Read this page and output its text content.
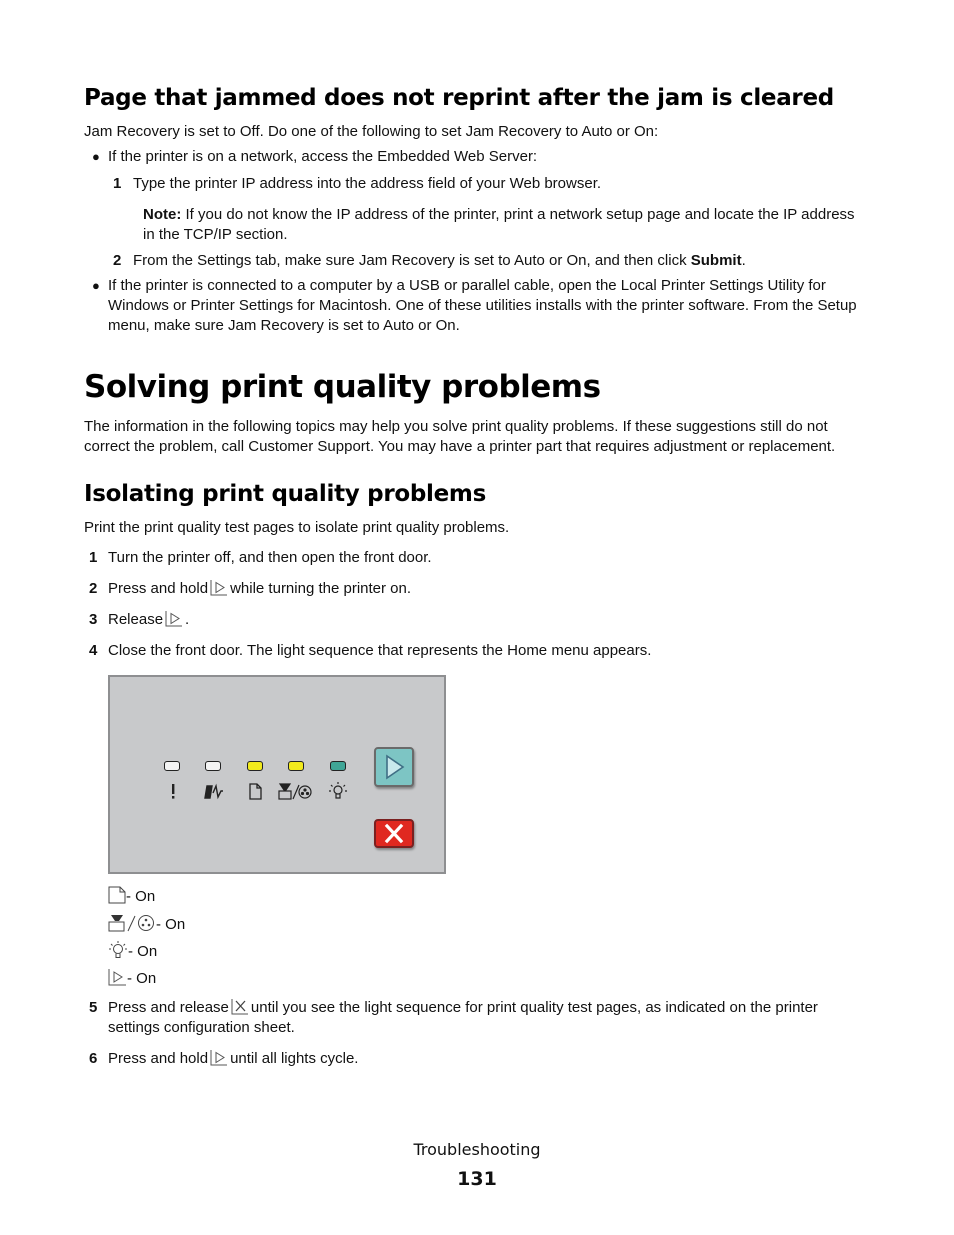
Page that jammed does not reprint after the jam is cleared
Jam Recovery is set to Off. Do one of the following to set Jam Recovery to Auto or On:
● If the printer is on a network, access the Embedded Web Server:
1 Type the printer IP address into the address field of your Web browser.
Note: If you do not know the IP address of the printer, print a network setup page and locate the IP address
in the TCP/IP section.
2 From the Settings tab, make sure Jam Recovery is set to Auto or On, and then click Submit.
● If the printer is connected to a computer by a USB or parallel cable, open the Local Printer Settings Utility for
Windows or Printer Settings for Macintosh. One of these utilities installs with the printer software. From the Setup
menu, make sure Jam Recovery is set to Auto or On.
Solving print quality problems
The information in the following topics may help you solve print quality problems. If these suggestions still do not
correct the problem, call Customer Support. You may have a printer part that requires adjustment or replacement.
Isolating print quality problems
Print the print quality test pages to isolate print quality problems.
1 Turn the printer off, and then open the front door.
2 Press and hold while turning the printer on.
3 Release .
4 Close the front door. The light sequence that represents the Home menu appears.
- On
- On
- On
- On
5 Press and release until you see the light sequence for print quality test pages, as indicated on the printer
settings configuration sheet.
6 Press and hold until all lights cycle.
Troubleshooting
131
